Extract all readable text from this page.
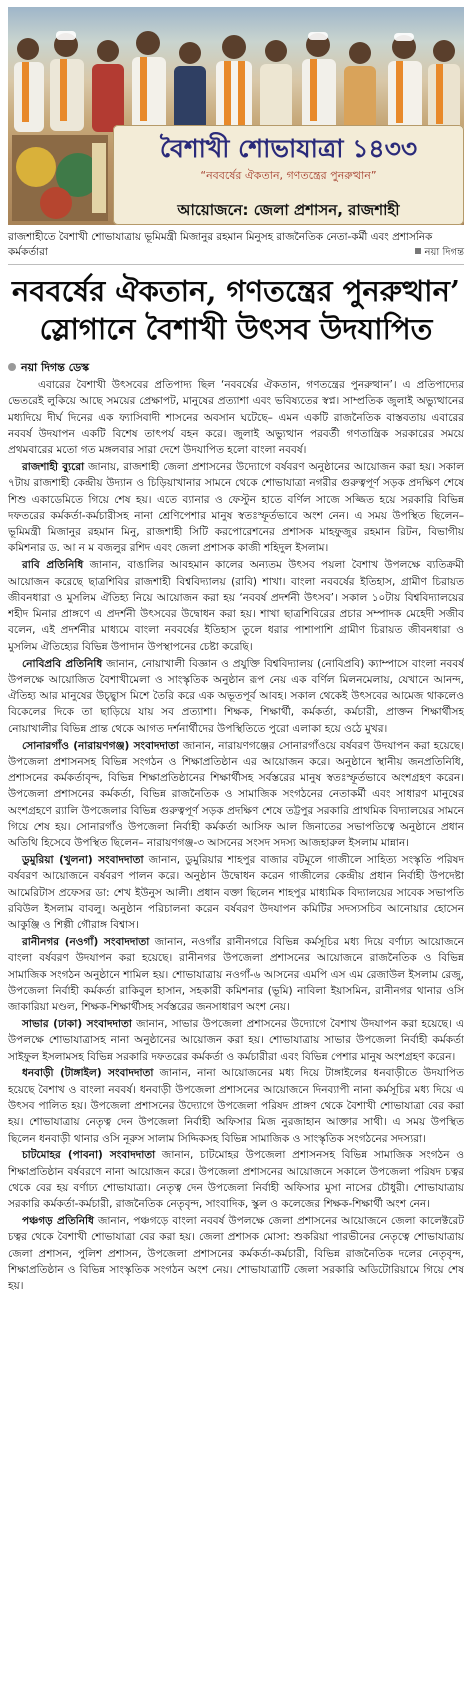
বৈশাখী শোভাযাত্রা ১৪৩৩
“নববর্ষের ঐকতান, গণতন্ত্রের পুনরুত্থান”
আয়োজনে: জেলা প্রশাসন, রাজশাহী
রাজশাহীতে বৈশাখী শোভাযাত্রায় ভূমিমন্ত্রী মিজানুর রহমান মিনুসহ রাজনৈতিক নেতা-কর্মী এবং প্রশাসনিক কর্মকর্তারা	নয়া দিগন্ত
নববর্ষের ঐকতান, গণতন্ত্রের পুনরুত্থান’ স্লোগানে বৈশাখী উৎসব উদযাপিত
নয়া দিগন্ত ডেস্ক

এবারের বৈশাখী উৎসবের প্রতিপাদ্য ছিল ‘নববর্ষের ঐকতান, গণতন্ত্রের পুনরুত্থান’। এ প্রতিপাদ্যের ভেতরেই লুকিয়ে আছে সময়ের প্রেক্ষাপট, মানুষের প্রত্যাশা এবং ভবিষ্যতের স্বপ্ন। সাম্প্রতিক জুলাই অভ্যুত্থানের মধ্যদিয়ে দীর্ঘ দিনের এক ফ্যাসিবাদী শাসনের অবসান ঘটেছে– এমন একটি রাজনৈতিক বাস্তবতায় এবারের নববর্ষ উদযাপন একটি বিশেষ তাৎপর্য বহন করে। জুলাই অভ্যুত্থান পরবর্তী গণতান্ত্রিক সরকারের সময়ে প্রথমবারের মতো গত মঙ্গলবার সারা দেশে উদযাপিত হলো বাংলা নববর্ষ।

রাজশাহী ব্যুরো জানায়, রাজশাহী জেলা প্রশাসনের উদ্যোগে বর্ষবরণ অনুষ্ঠানের আয়োজন করা হয়। সকাল ৭টায় রাজশাহী কেন্দ্রীয় উদ্যান ও চিড়িয়াখানার সামনে থেকে শোভাযাত্রা নগরীর গুরুত্বপূর্ণ সড়ক প্রদক্ষিণ শেষে শিশু একাডেমিতে গিয়ে শেষ হয়। এতে ব্যানার ও ফেস্টুন হাতে বর্ণিল সাজে সজ্জিত হয়ে সরকারি বিভিন্ন দফতরের কর্মকর্তা-কর্মচারীসহ নানা শ্রেণিপেশার মানুষ স্বতঃস্ফূর্তভাবে অংশ নেন। এ সময় উপস্থিত ছিলেন– ভূমিমন্ত্রী মিজানুর রহমান মিনু, রাজশাহী সিটি করপোরেশনের প্রশাসক মাহফুজুর রহমান রিটন, বিভাগীয় কমিশনার ড. আ ন ম বজলুর রশিদ এবং জেলা প্রশাসক কাজী শহিদুল ইসলাম।

রাবি প্রতিনিধি জানান, বাঙালির আবহমান কালের অন্যতম উৎসব পয়লা বৈশাখ উপলক্ষে ব্যতিক্রমী আয়োজন করেছে ছাত্রশিবির রাজশাহী বিশ্ববিদ্যালয় (রাবি) শাখা। বাংলা নববর্ষের ইতিহাস, গ্রামীণ চিরায়ত জীবনধারা ও মুসলিম ঐতিহ্য নিয়ে আয়োজন করা হয় ‘নববর্ষ প্রদর্শনী উৎসব’। সকাল ১০টায় বিশ্ববিদ্যালয়ের শহীদ মিনার প্রাঙ্গণে এ প্রদর্শনী উৎসবের উদ্বোধন করা হয়। শাখা ছাত্রশিবিরের প্রচার সম্পাদক মেহেদী সজীব বলেন, এই প্রদর্শনীর মাধ্যমে বাংলা নববর্ষের ইতিহাস তুলে ধরার পাশাপাশি গ্রামীণ চিরায়ত জীবনধারা ও মুসলিম ঐতিহ্যের বিভিন্ন উপাদান উপস্থাপনের চেষ্টা করেছি।

নোবিপ্রবি প্রতিনিধি জানান, নোয়াখালী বিজ্ঞান ও প্রযুক্তি বিশ্ববিদ্যালয় (নোবিপ্রবি) ক্যাম্পাসে বাংলা নববর্ষ উপলক্ষে আয়োজিত বৈশাখীমেলা ও সাংস্কৃতিক অনুষ্ঠান রূপ নেয় এক বর্ণিল মিলনমেলায়, যেখানে আনন্দ, ঐতিহ্য আর মানুষের উচ্ছ্বাস মিশে তৈরি করে এক অভূতপূর্ব আবহ। সকাল থেকেই উৎসবের আমেজ থাকলেও বিকেলের দিকে তা ছাড়িয়ে যায় সব প্রত্যাশা। শিক্ষক, শিক্ষার্থী, কর্মকর্তা, কর্মচারী, প্রাক্তন শিক্ষার্থীসহ নোয়াখালীর বিভিন্ন প্রান্ত থেকে আগত দর্শনার্থীদের উপস্থিতিতে পুরো এলাকা হয়ে ওঠে মুখর।

সোনারগাঁও (নারায়ণগঞ্জ) সংবাদদাতা জানান, নারায়ণগঞ্জের সোনারগাঁওয়ে বর্ষবরণ উদযাপন করা হয়েছে। উপজেলা প্রশাসনসহ বিভিন্ন সংগঠন ও শিক্ষাপ্রতিষ্ঠান এর আয়োজন করে। অনুষ্ঠানে স্থানীয় জনপ্রতিনিধি, প্রশাসনের কর্মকর্তাবৃন্দ, বিভিন্ন শিক্ষাপ্রতিষ্ঠানের শিক্ষার্থীসহ সর্বস্তরের মানুষ স্বতঃস্ফূর্তভাবে অংশগ্রহণ করেন। উপজেলা প্রশাসনের কর্মকর্তা, বিভিন্ন রাজনৈতিক ও সামাজিক সংগঠনের নেতাকর্মী এবং সাধারণ মানুষের অংশগ্রহণে র‌্যালি উপজেলার বিভিন্ন গুরুত্বপূর্ণ সড়ক প্রদক্ষিণ শেষে তট্টপুর সরকারি প্রাথমিক বিদ্যালয়ের সামনে গিয়ে শেষ হয়। সোনারগাঁও উপজেলা নির্বাহী কর্মকর্তা আসিফ আল জিনাতের সভাপতিত্বে অনুষ্ঠানে প্রধান অতিথি হিসেবে উপস্থিত ছিলেন– নারায়ণগঞ্জ-৩ আসনের সংসদ সদস্য আজহারুল ইসলাম মান্নান।

ডুমুরিয়া (খুলনা) সংবাদদাতা জানান, ডুমুরিয়ার শাহপুর বাজার বটমূলে গাজীলে সাহিত্য সংস্কৃতি পরিষদ বর্ষবরণ আয়োজনে বর্ষবরণ পালন করে। অনুষ্ঠান উদ্বোধন করেন গাজীলের কেন্দ্রীয় প্রধান নির্বাহী উপদেষ্টা আমেরিটাস প্রফেসর ডা: শেখ ইউনুস আলী। প্রধান বক্তা ছিলেন শাহপুর মাধ্যমিক বিদ্যালয়ের সাবেক সভাপতি রবিউল ইসলাম বাবলু। অনুষ্ঠান পরিচালনা করেন বর্ষবরণ উদযাপন কমিটির সদস্যসচিব আনোয়ার হোসেন আকুঞ্জি ও শিল্পী গৌরাঙ্গ বিশ্বাস।

রানীনগর (নওগাঁ) সংবাদদাতা জানান, নওগাঁর রানীনগরে বিভিন্ন কর্মসূচির মধ্য দিয়ে বর্ণাঢ্য আয়োজনে বাংলা বর্ষবরণ উদযাপন করা হয়েছে। রানীনগর উপজেলা প্রশাসনের আয়োজনে রাজনৈতিক ও বিভিন্ন সামাজিক সংগঠন অনুষ্ঠানে শামিল হয়। শোভাযাত্রায় নওগাঁ-৬ আসনের এমপি এস এম রেজাউল ইসলাম রেজু, উপজেলা নির্বাহী কর্মকর্তা রাকিবুল হাসান, সহকারী কমিশনার (ভূমি) নাবিলা ইয়াসমিন, রানীনগর থানার ওসি জাকারিয়া মণ্ডল, শিক্ষক-শিক্ষার্থীসহ সর্বস্তরের জনসাধারণ অংশ নেয়।

সাভার (ঢাকা) সংবাদদাতা জানান, সাভার উপজেলা প্রশাসনের উদ্যোগে বৈশাখ উদযাপন করা হয়েছে। এ উপলক্ষে শোভাযাত্রাসহ নানা অনুষ্ঠানের আয়োজন করা হয়। শোভাযাত্রায় সাভার উপজেলা নির্বাহী কর্মকর্তা সাইফুল ইসলামসহ বিভিন্ন সরকারি দফতরের কর্মকর্তা ও কর্মচারীরা এবং বিভিন্ন পেশার মানুষ অংশগ্রহণ করেন।

ধনবাড়ী (টাঙ্গাইল) সংবাদদাতা জানান, নানা আয়োজনের মধ্য দিয়ে টাঙ্গাইলের ধনবাড়ীতে উদযাপিত হয়েছে বৈশাখ ও বাংলা নববর্ষ। ধনবাড়ী উপজেলা প্রশাসনের আয়োজনে দিনব্যাপী নানা কর্মসূচির মধ্য দিয়ে এ উৎসব পালিত হয়। উপজেলা প্রশাসনের উদ্যোগে উপজেলা পরিষদ প্রাঙ্গণ থেকে বৈশাখী শোভাযাত্রা বের করা হয়। শোভাযাত্রায় নেতৃত্ব দেন উপজেলা নির্বাহী অফিসার মিজ নুরজাহান আক্তার সাথী। এ সময় উপস্থিত ছিলেন ধনবাড়ী থানার ওসি নূরুস সালাম সিদ্দিকসহ বিভিন্ন সামাজিক ও সাংস্কৃতিক সংগঠনের সদস্যরা।

চাটমোহর (পাবনা) সংবাদদাতা জানান, চাটমোহর উপজেলা প্রশাসনসহ বিভিন্ন সামাজিক সংগঠন ও শিক্ষাপ্রতিষ্ঠান বর্ষবরণে নানা আয়োজন করে। উপজেলা প্রশাসনের আয়োজনে সকালে উপজেলা পরিষদ চত্বর থেকে বের হয় বর্ণাঢ্য শোভাযাত্রা। নেতৃত্ব দেন উপজেলা নির্বাহী অফিসার মুসা নাসের চৌধুরী। শোভাযাত্রায় সরকারি কর্মকর্তা-কর্মচারী, রাজনৈতিক নেতৃবৃন্দ, সাংবাদিক, স্কুল ও কলেজের শিক্ষক-শিক্ষার্থী অংশ নেন।

পঞ্চগড় প্রতিনিধি জানান, পঞ্চগড়ে বাংলা নববর্ষ উপলক্ষে জেলা প্রশাসনের আয়োজনে জেলা কালেক্টরেট চত্বর থেকে বৈশাখী শোভাযাত্রা বের করা হয়। জেলা প্রশাসক মোসা: শুকরিয়া পারভীনের নেতৃত্বে শোভাযাত্রায় জেলা প্রশাসন, পুলিশ প্রশাসন, উপজেলা প্রশাসনের কর্মকর্তা-কর্মচারী, বিভিন্ন রাজনৈতিক দলের নেতৃবৃন্দ, শিক্ষাপ্রতিষ্ঠান ও বিভিন্ন সাংস্কৃতিক সংগঠন অংশ নেয়। শোভাযাত্রাটি জেলা সরকারি অডিটোরিয়ামে গিয়ে শেষ হয়।
